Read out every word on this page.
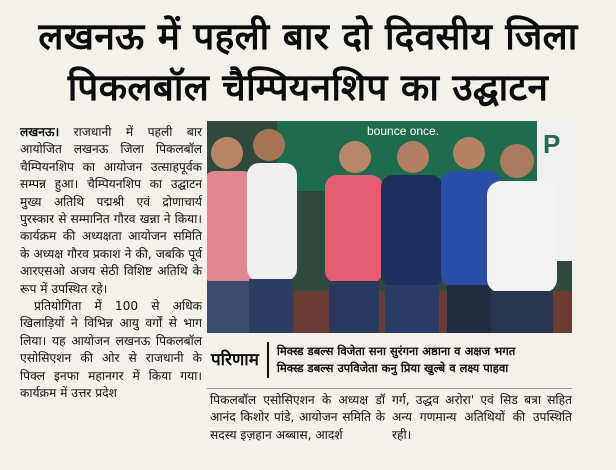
लखनऊ में पहली बार दो दिवसीय जिला
पिकलबॉल चैम्पियनशिप का उद्घाटन

लखनऊ। राजधानी में पहली बार आयोजित लखनऊ जिला पिकलबॉल चैम्पियनशिप का आयोजन उत्साहपूर्वक सम्पन्न हुआ। चैम्पियनशिप का उद्घाटन मुख्य अतिथि पद्मश्री एवं द्रोणाचार्य पुरस्कार से सम्मानित गौरव खन्ना ने किया। कार्यक्रम की अध्यक्षता आयोजन समिति के अध्यक्ष गौरव प्रकाश ने की, जबकि पूर्व आरएसओ अजय सेठी विशिष्ट अतिथि के रूप में उपस्थित रहे।

प्रतियोगिता में 100 से अधिक खिलाड़ियों ने विभिन्न आयु वर्गों से भाग लिया। यह आयोजन लखनऊ पिकलबॉल एसोसिएशन की ओर से राजधानी के पिक्ल इनफा महानगर में किया गया। कार्यक्रम में उत्तर प्रदेश

bounce once.	P
परिणाम	मिक्स्ड डबल्स विजेता सना सुरंगना अष्ठाना व अक्षज भगत
मिक्स्ड डबल्स उपविजेता कनु प्रिया खुल्बे व लक्ष्य पाहवा

पिकलबॉल एसोसिएशन के अध्यक्ष डॉ आनंद किशोर पांडे, आयोजन समिति के सदस्य इज़हान अब्बास, आदर्श

गर्ग, उद्धव अरोरा' एवं सिड बत्रा सहित अन्य गणमान्य अतिथियों की उपस्थिति रही।
